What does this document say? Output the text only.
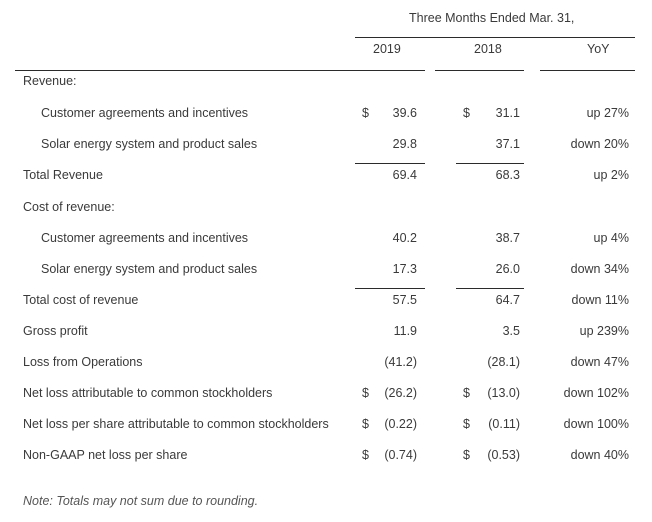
Three Months Ended Mar. 31,
2019	2018	YoY
Revenue:
Customer agreements and incentives	$	39.6	$	31.1	up 27%
Solar energy system and product sales	29.8	37.1	down 20%
Total Revenue	69.4	68.3	up 2%
Cost of revenue:
Customer agreements and incentives	40.2	38.7	up 4%
Solar energy system and product sales	17.3	26.0	down 34%
Total cost of revenue	57.5	64.7	down 11%
Gross profit	11.9	3.5	up 239%
Loss from Operations	(41.2)	(28.1)	down 47%
Net loss attributable to common stockholders	$	(26.2)	$	(13.0)	down 102%
Net loss per share attributable to common stockholders	$	(0.22)	$	(0.11)	down 100%
Non-GAAP net loss per share	$	(0.74)	$	(0.53)	down 40%
Note: Totals may not sum due to rounding.
